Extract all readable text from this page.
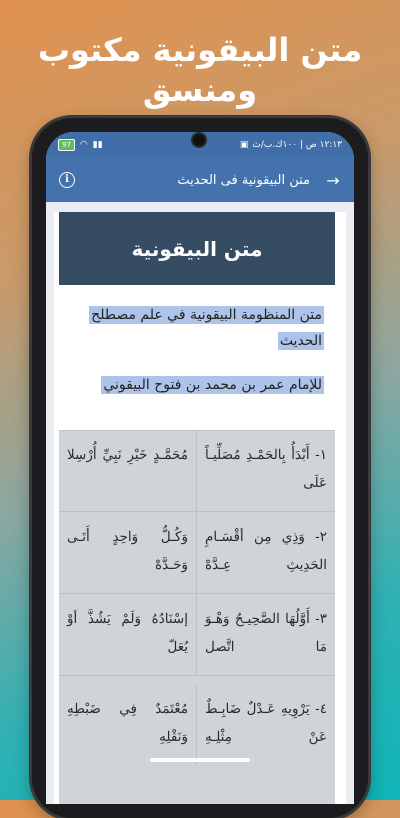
متن البيقونية مكتوب
ومنسق
97	◠ ▮▮	١٢:١٣ ص | ١٠٠ك.ب/ث
▣
i	متن البيقونية فى الحديث	→
متن البيقونية
متن المنظومة البيقونية في علم مصطلح
الحديث
للإمام عمر بن محمد بن فتوح البيقوني
١- أَبْدَأُ بِالحَمْـدِ مُصَلِّيـاً عَلَى
مُحَمَّـدٍ خَيْرِ نَبِيِّ أُرْسِلا
٢- وَذِي مِن أقْسَـامِ الحَدِيثِ عِـدَّهْ
وَكُـلُّ وَاحِدٍ أَتَـى وَحَـدَّهْ
٣- أَوَّلُهَا الصَّحِيـحُ وَهْـوَ مَا اتَّصل
إسْنَادُهُ وَلَمْ يَشُذَّ أوْ يُعَلّ
٤- يَرْوِيهِ عَـدْلٌ ضَابِـطٌ عَنْ مِثْلِـهِ
مُعْتَمَدٌ فِي ضَبْطِهِ وَنَقْلِهِ
